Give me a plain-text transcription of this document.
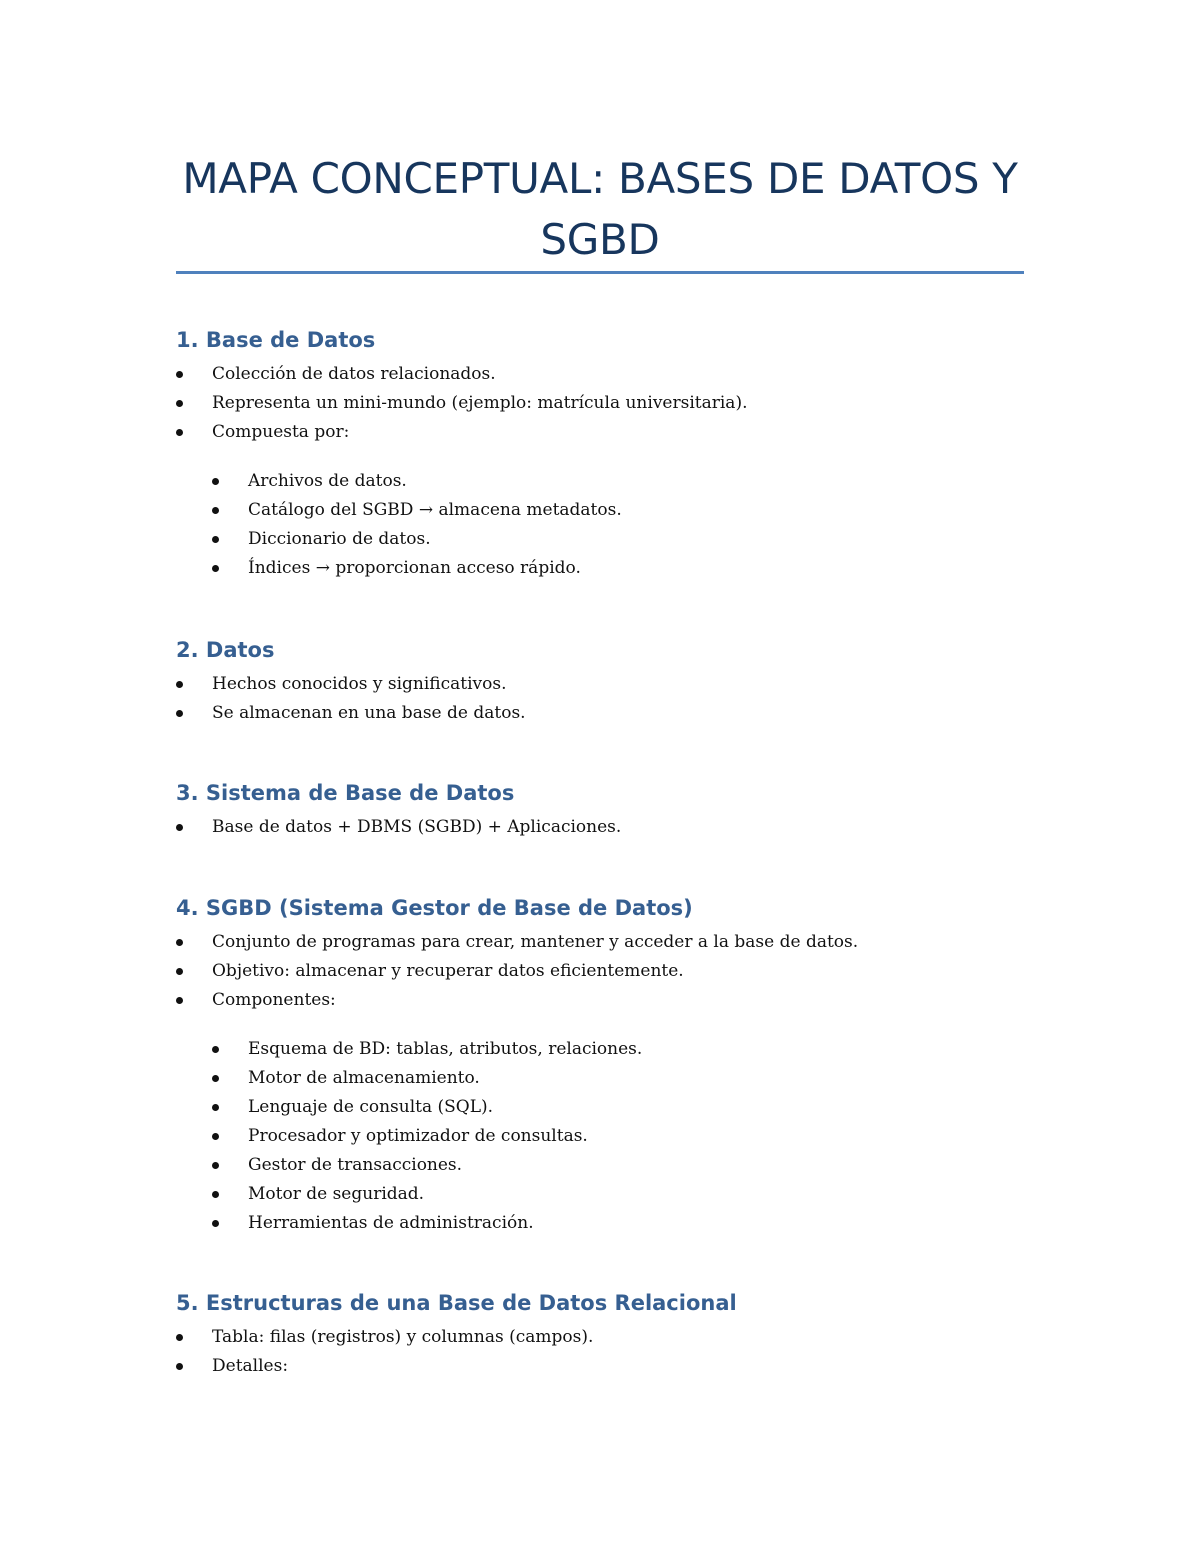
MAPA CONCEPTUAL: BASES DE DATOS Y SGBD
1. Base de Datos
Colección de datos relacionados.
Representa un mini-mundo (ejemplo: matrícula universitaria).
Compuesta por:
Archivos de datos.
Catálogo del SGBD → almacena metadatos.
Diccionario de datos.
Índices → proporcionan acceso rápido.
2. Datos
Hechos conocidos y significativos.
Se almacenan en una base de datos.
3. Sistema de Base de Datos
Base de datos + DBMS (SGBD) + Aplicaciones.
4. SGBD (Sistema Gestor de Base de Datos)
Conjunto de programas para crear, mantener y acceder a la base de datos.
Objetivo: almacenar y recuperar datos eficientemente.
Componentes:
Esquema de BD: tablas, atributos, relaciones.
Motor de almacenamiento.
Lenguaje de consulta (SQL).
Procesador y optimizador de consultas.
Gestor de transacciones.
Motor de seguridad.
Herramientas de administración.
5. Estructuras de una Base de Datos Relacional
Tabla: filas (registros) y columnas (campos).
Detalles:
